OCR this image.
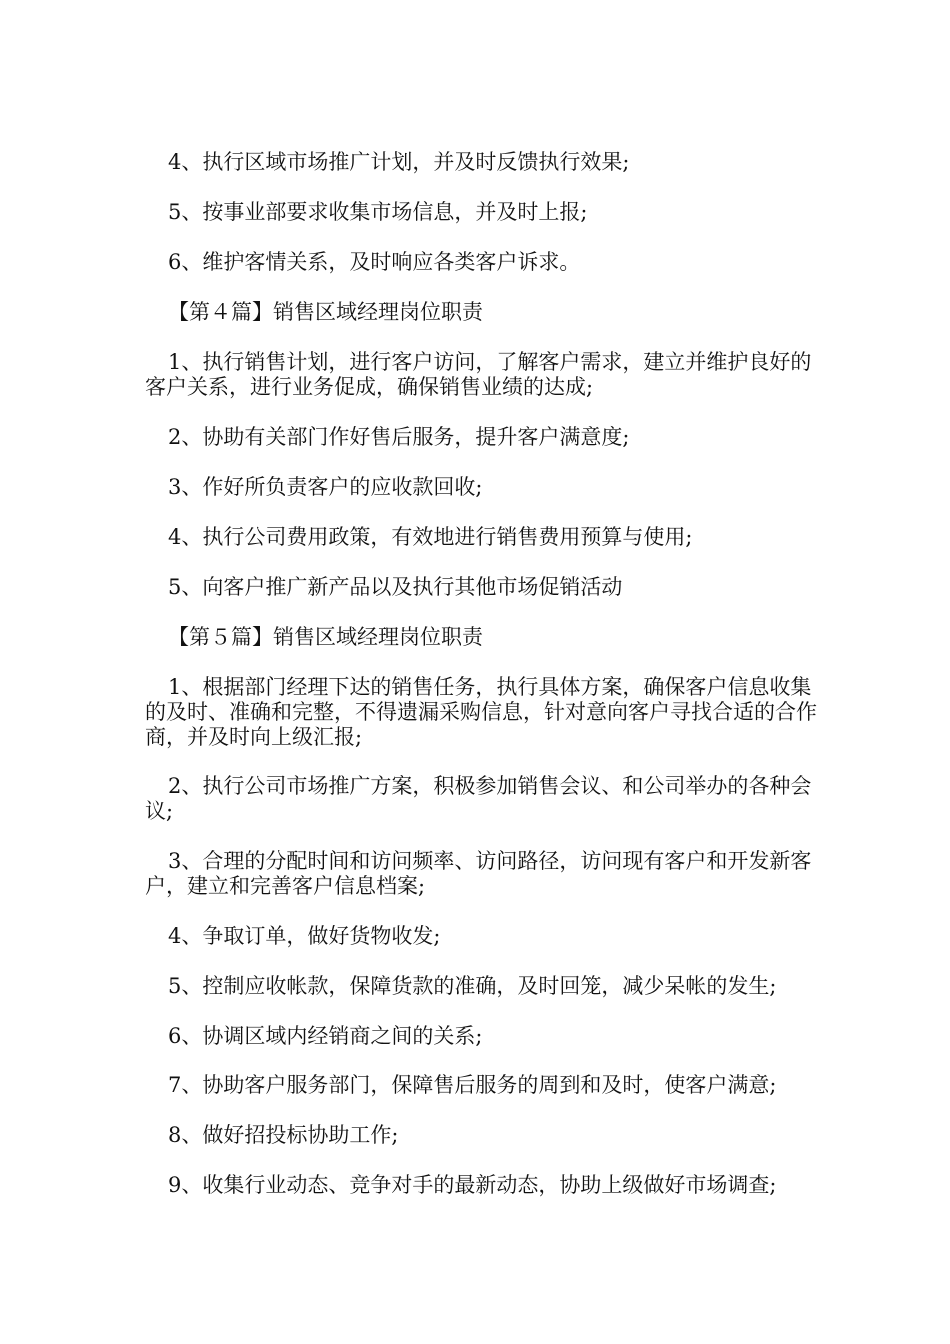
4、执行区域市场推广计划，并及时反馈执行效果;

5、按事业部要求收集市场信息，并及时上报;

6、维护客情关系，及时响应各类客户诉求。

【第４篇】销售区域经理岗位职责

1、执行销售计划，进行客户访问，了解客户需求，建立并维护良好的客户关系，进行业务促成，确保销售业绩的达成;

2、协助有关部门作好售后服务，提升客户满意度;

3、作好所负责客户的应收款回收;

4、执行公司费用政策，有效地进行销售费用预算与使用;

5、向客户推广新产品以及执行其他市场促销活动

【第５篇】销售区域经理岗位职责

1、根据部门经理下达的销售任务，执行具体方案，确保客户信息收集的及时、准确和完整，不得遗漏采购信息，针对意向客户寻找合适的合作商，并及时向上级汇报;

2、执行公司市场推广方案，积极参加销售会议、和公司举办的各种会议;

3、合理的分配时间和访问频率、访问路径，访问现有客户和开发新客户，建立和完善客户信息档案;

4、争取订单，做好货物收发;

5、控制应收帐款，保障货款的准确，及时回笼，减少呆帐的发生;

6、协调区域内经销商之间的关系;

7、协助客户服务部门，保障售后服务的周到和及时，使客户满意;

8、做好招投标协助工作;

9、收集行业动态、竞争对手的最新动态，协助上级做好市场调查;
